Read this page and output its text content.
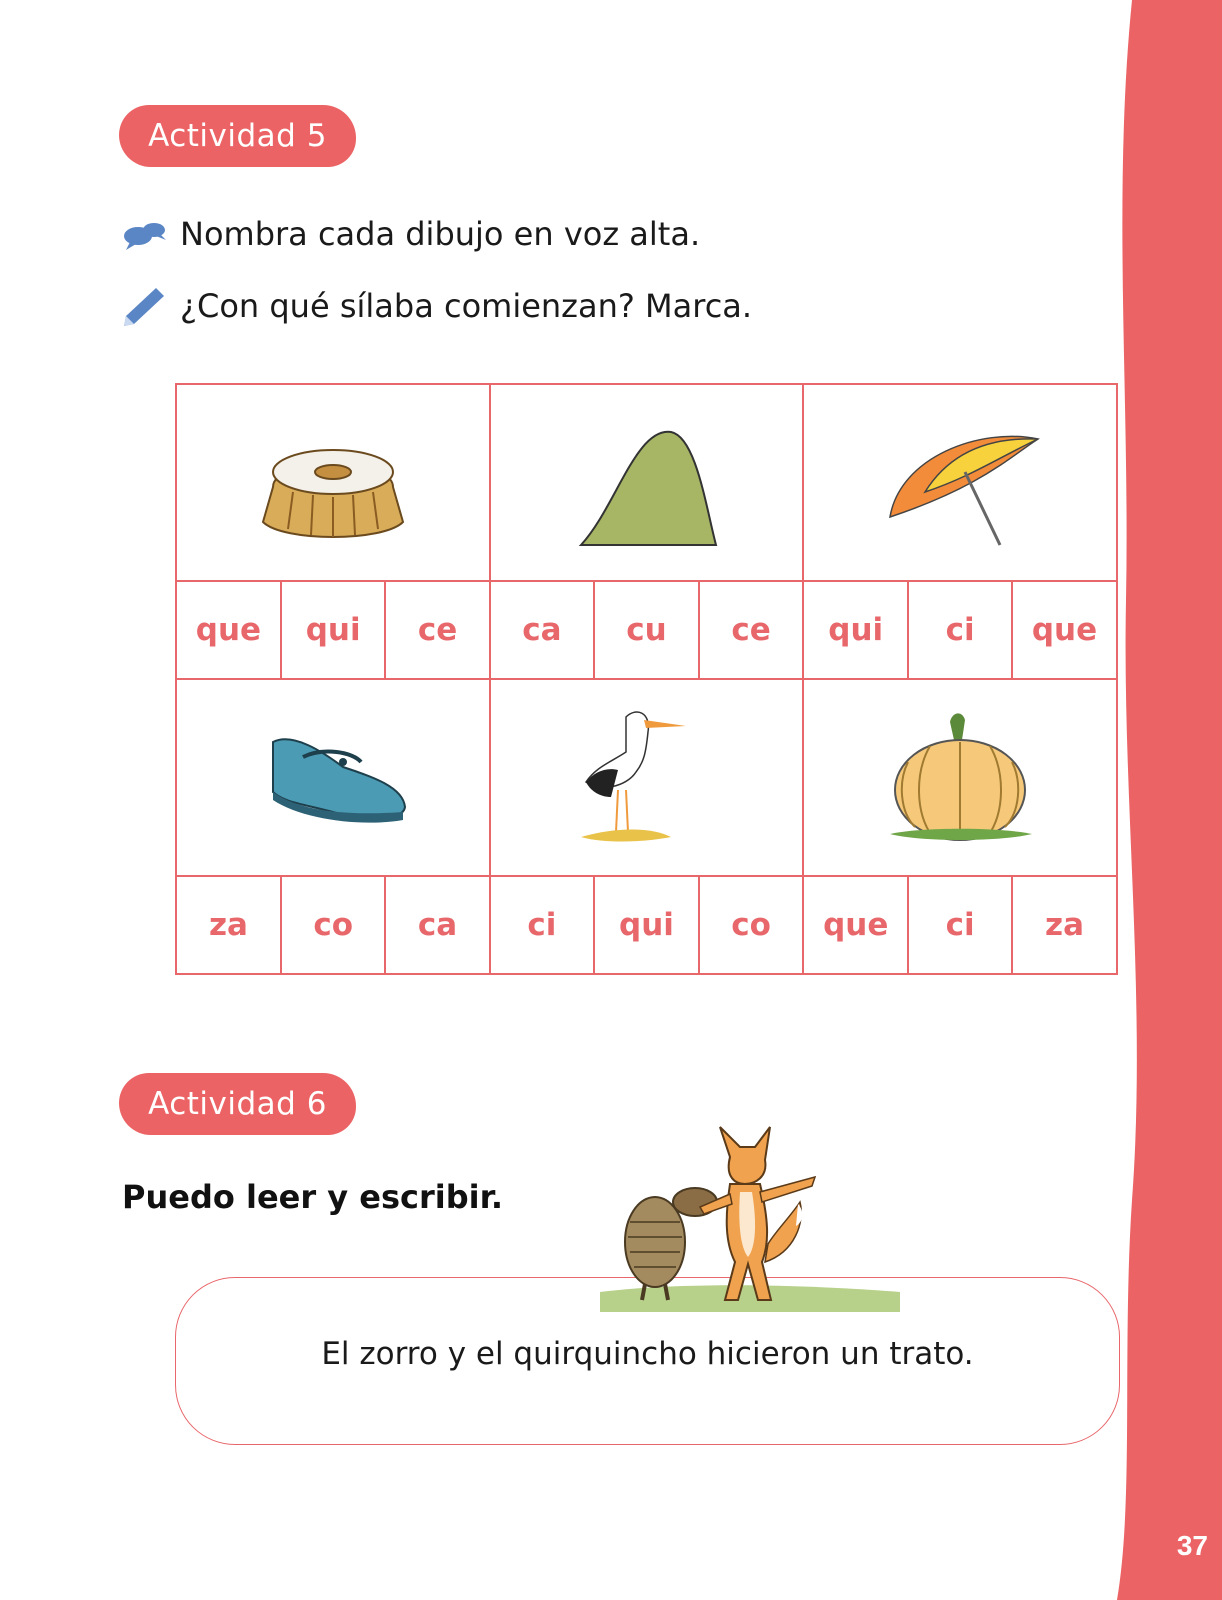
37
Actividad 5
Nombra cada dibujo en voz alta.
¿Con qué sílaba comienzan? Marca.

que	qui	ce	ca	cu	ce	qui	ci	que

za	co	ca	ci	qui	co	que	ci	za
Actividad 6
Puedo leer y escribir.
El zorro y el quirquincho hicieron un trato.
